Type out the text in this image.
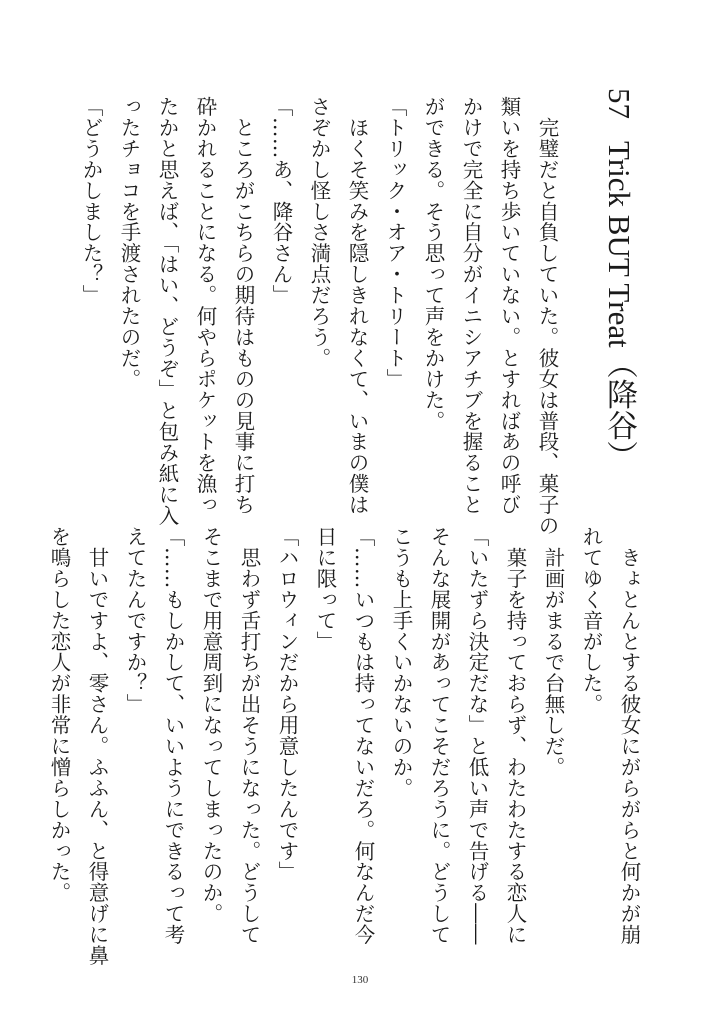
57Trick BUT Treat（降谷）
　完璧だと自負していた。彼女は普段、菓子の
類いを持ち歩いていない。とすればあの呼び
かけで完全に自分がイニシアチブを握ること
ができる。そう思って声をかけた。
「トリック・オア・トリート」
　ほくそ笑みを隠しきれなくて、いまの僕は
さぞかし怪しさ満点だろう。
「……あ、降谷さん」
　ところがこちらの期待はものの見事に打ち
砕かれることになる。何やらポケットを漁っ
たかと思えば、「はい、どうぞ」と包み紙に入
ったチョコを手渡されたのだ。
「どうかしました？」
　きょとんとする彼女にがらがらと何かが崩
れてゆく音がした。
　計画がまるで台無しだ。
　菓子を持っておらず、わたわたする恋人に
「いたずら決定だな」と低い声で告げる――
そんな展開があってこそだろうに。どうして
こうも上手くいかないのか。
「……いつもは持ってないだろ。何なんだ今
日に限って」
「ハロウィンだから用意したんです」
　思わず舌打ちが出そうになった。どうして
そこまで用意周到になってしまったのか。
「……もしかして、いいようにできるって考
えてたんですか？」
　甘いですよ、零さん。ふふん、と得意げに鼻
を鳴らした恋人が非常に憎らしかった。
130
